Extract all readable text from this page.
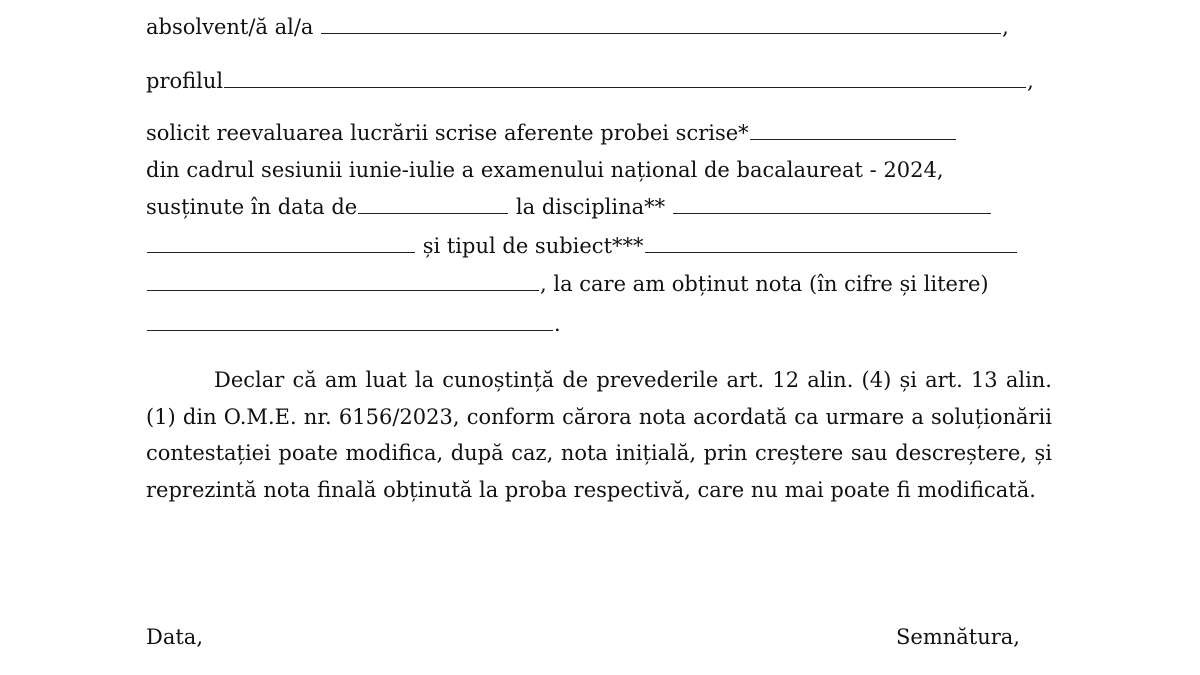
absolvent/ă al/a	,
profilul	,
solicit reevaluarea lucrării scrise aferente probei scrise*
din cadrul sesiunii iunie-iulie a examenului național de bacalaureat - 2024,
susținute în data de	la disciplina**
și tipul de subiect***
, la care am obținut nota (în cifre și litere)
.
Declar că am luat la cunoștință de prevederile art. 12 alin. (4) și art. 13 alin. (1) din O.M.E. nr. 6156/2023, conform cărora nota acordată ca urmare a soluționării contestației poate modifica, după caz, nota inițială, prin creștere sau descreștere, și reprezintă nota finală obținută la proba respectivă, care nu mai poate fi modificată.
Data,	Semnătura,
